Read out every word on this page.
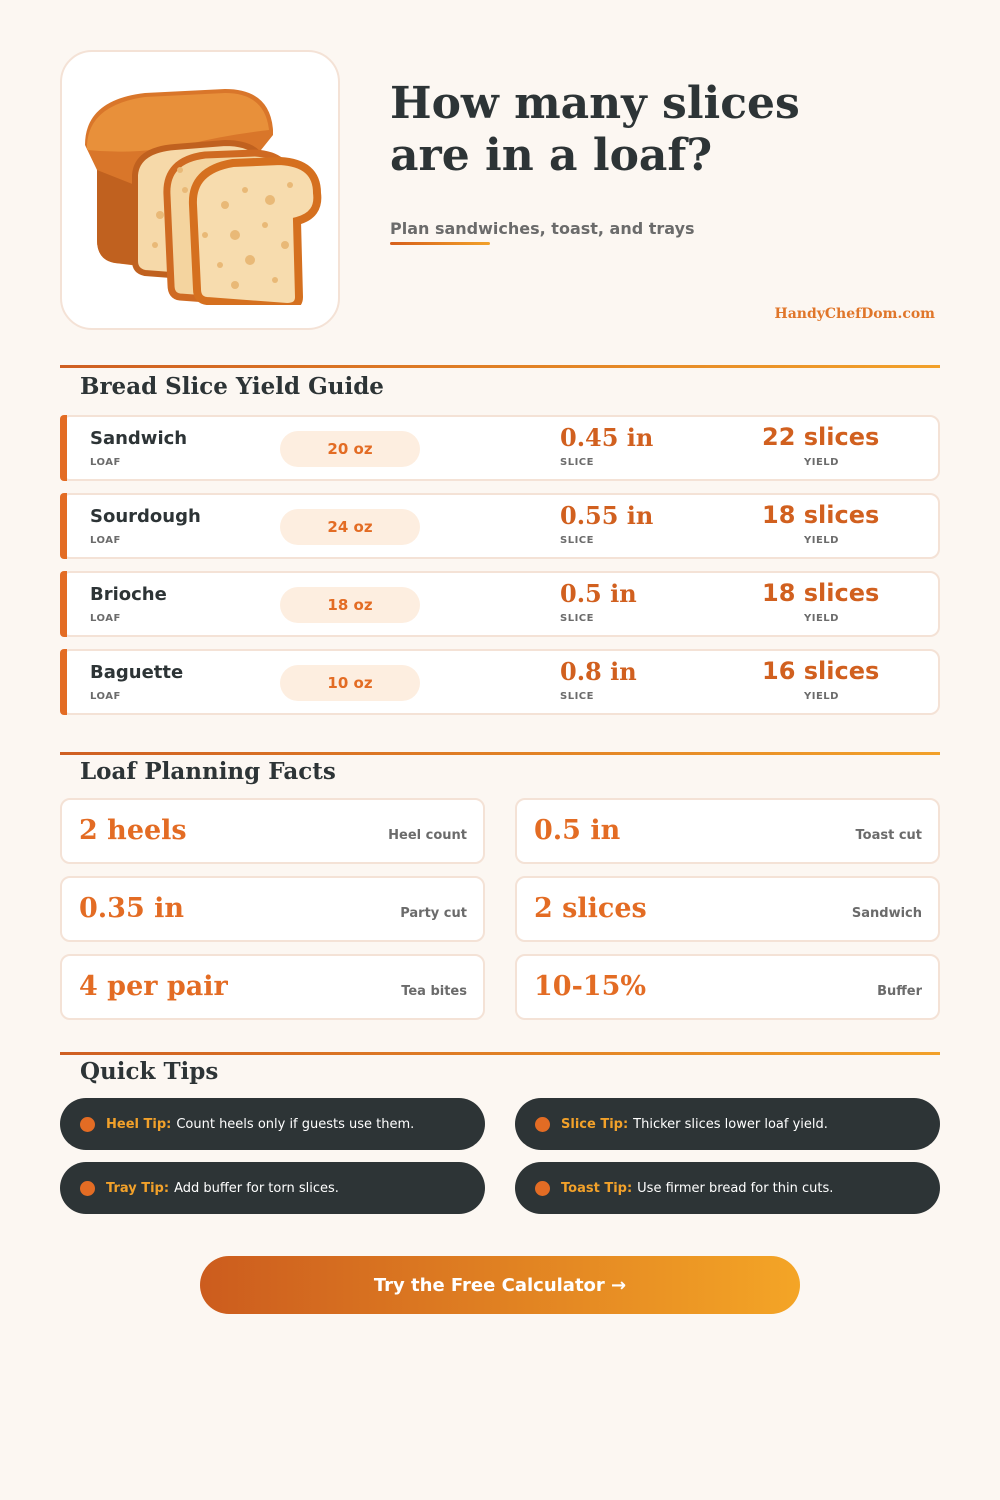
How many slices
are in a loaf?
Plan sandwiches, toast, and trays
HandyChefDom.com
Bread Slice Yield Guide
Sandwich
LOAF
20 oz	0.45 in
SLICE
22 slices
YIELD
Sourdough
LOAF
24 oz	0.55 in
SLICE
18 slices
YIELD
Brioche
LOAF
18 oz	0.5 in
SLICE
18 slices
YIELD
Baguette
LOAF
10 oz	0.8 in
SLICE
16 slices
YIELD
Loaf Planning Facts
2 heels	Heel count 0.5 in	Toast cut
0.35 in	Party cut 2 slices	Sandwich
4 per pair	Tea bites 10-15%	Buffer
Quick Tips
Heel Tip: Count heels only if guests use them.	Slice Tip: Thicker slices lower loaf yield.
Tray Tip: Add buffer for torn slices.	Toast Tip: Use firmer bread for thin cuts.
Try the Free Calculator →
